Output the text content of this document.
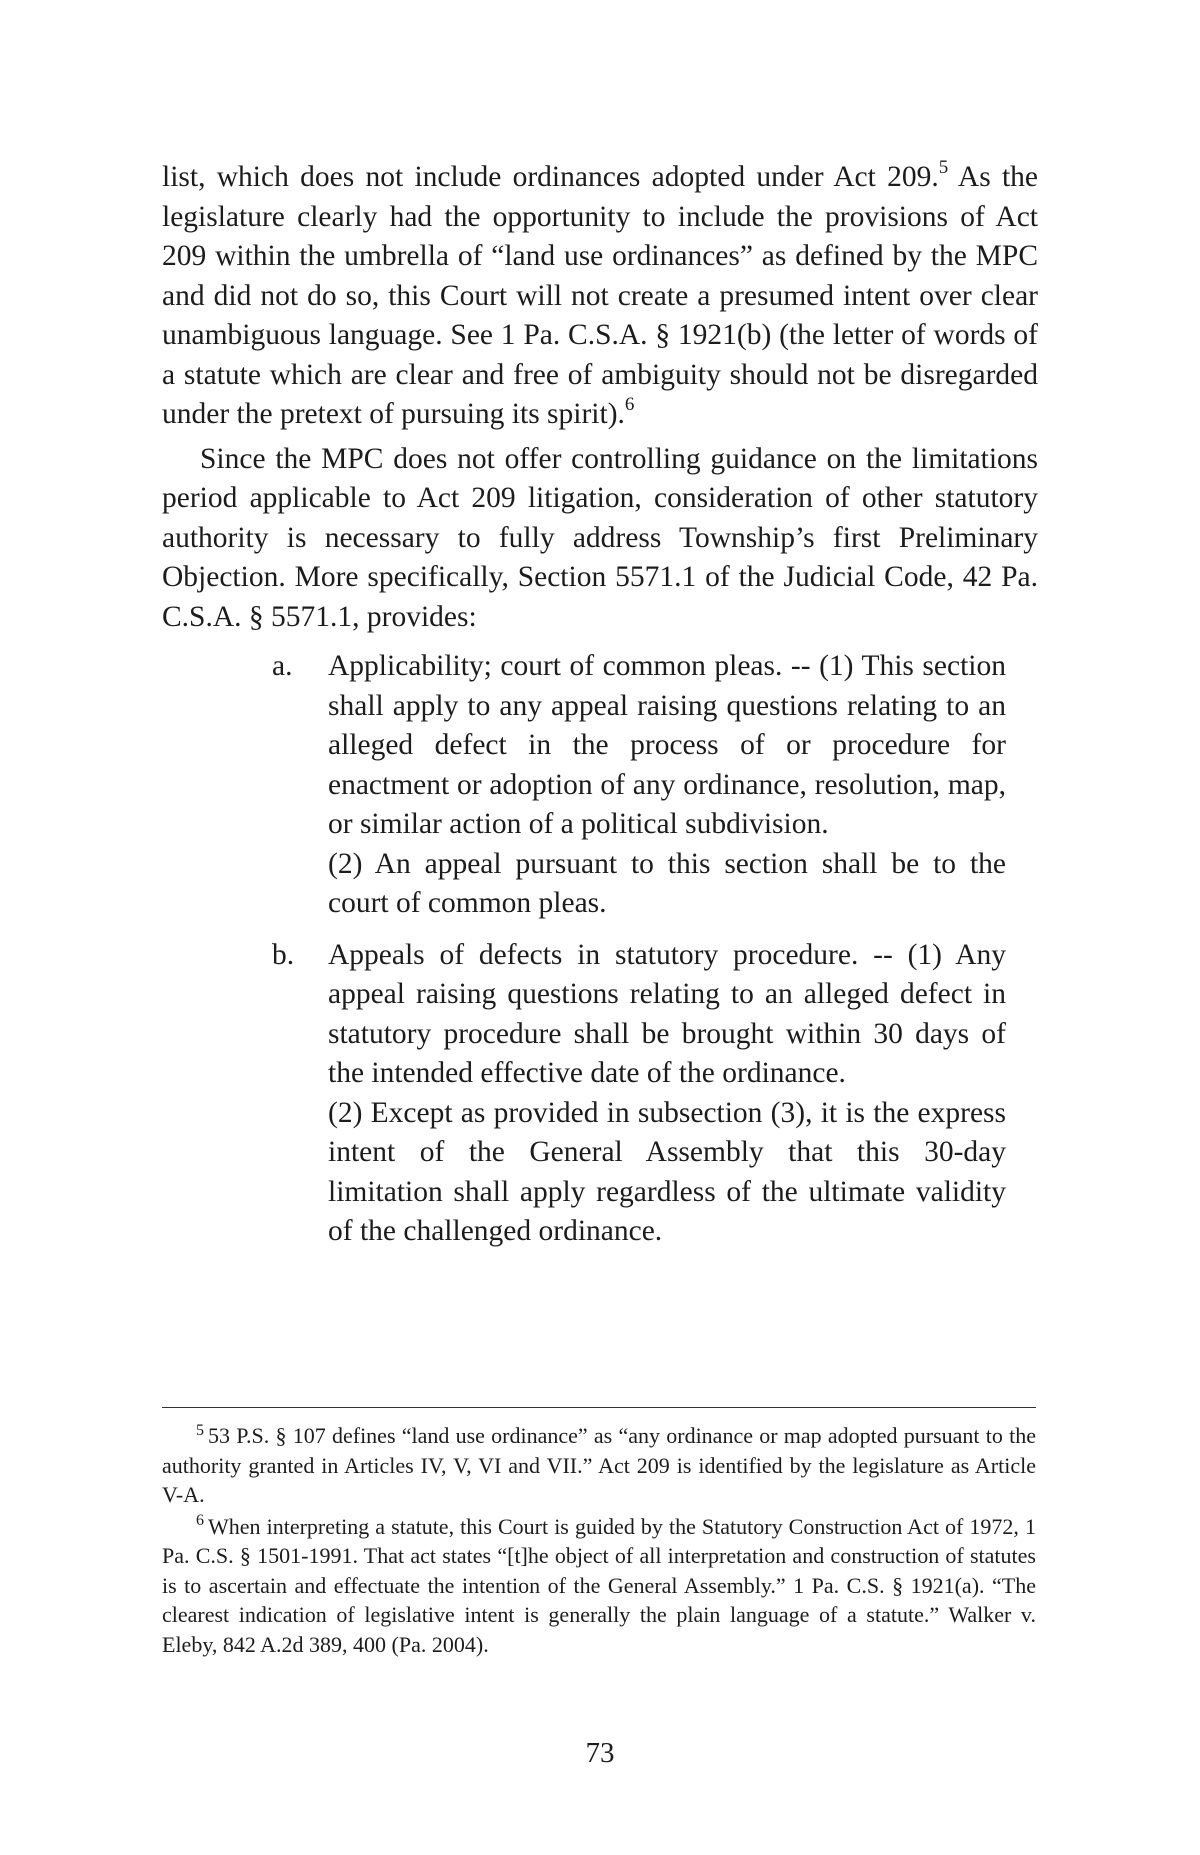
list, which does not include ordinances adopted under Act 209.$^5$ As the legislature clearly had the opportunity to include the provisions of Act 209 within the umbrella of “land use ordinances” as defined by the MPC and did not do so, this Court will not create a presumed intent over clear unambiguous language. See 1 Pa. C.S.A. § 1921(b) (the letter of words of a statute which are clear and free of ambiguity should not be disregarded under the pretext of pursuing its spirit).$^6$

Since the MPC does not offer controlling guidance on the limitations period applicable to Act 209 litigation, consideration of other statutory authority is necessary to fully address Township’s first Preliminary Objection. More specifically, Section 5571.1 of the Judicial Code, 42 Pa. C.S.A. § 5571.1, provides:

a. Applicability; court of common pleas. -- (1) This section shall apply to any appeal raising questions relating to an alleged defect in the process of or procedure for enactment or adoption of any ordinance, resolution, map, or similar action of a political subdivision.

(2) An appeal pursuant to this section shall be to the court of common pleas.

b. Appeals of defects in statutory procedure. -- (1) Any appeal raising questions relating to an alleged defect in statutory procedure shall be brought within 30 days of the intended effective date of the ordinance.

(2) Except as provided in subsection (3), it is the express intent of the General Assembly that this 30-day limitation shall apply regardless of the ultimate validity of the challenged ordinance.

$^5$ 53 P.S. § 107 defines “land use ordinance” as “any ordinance or map adopted pursuant to the authority granted in Articles IV, V, VI and VII.” Act 209 is identified by the legislature as Article V-A.

$^6$ When interpreting a statute, this Court is guided by the Statutory Construction Act of 1972, 1 Pa. C.S. § 1501-1991. That act states “[t]he object of all interpretation and construction of statutes is to ascertain and effectuate the intention of the General Assembly.” 1 Pa. C.S. § 1921(a). “The clearest indication of legislative intent is generally the plain language of a statute.” Walker v. Eleby, 842 A.2d 389, 400 (Pa. 2004).

73
